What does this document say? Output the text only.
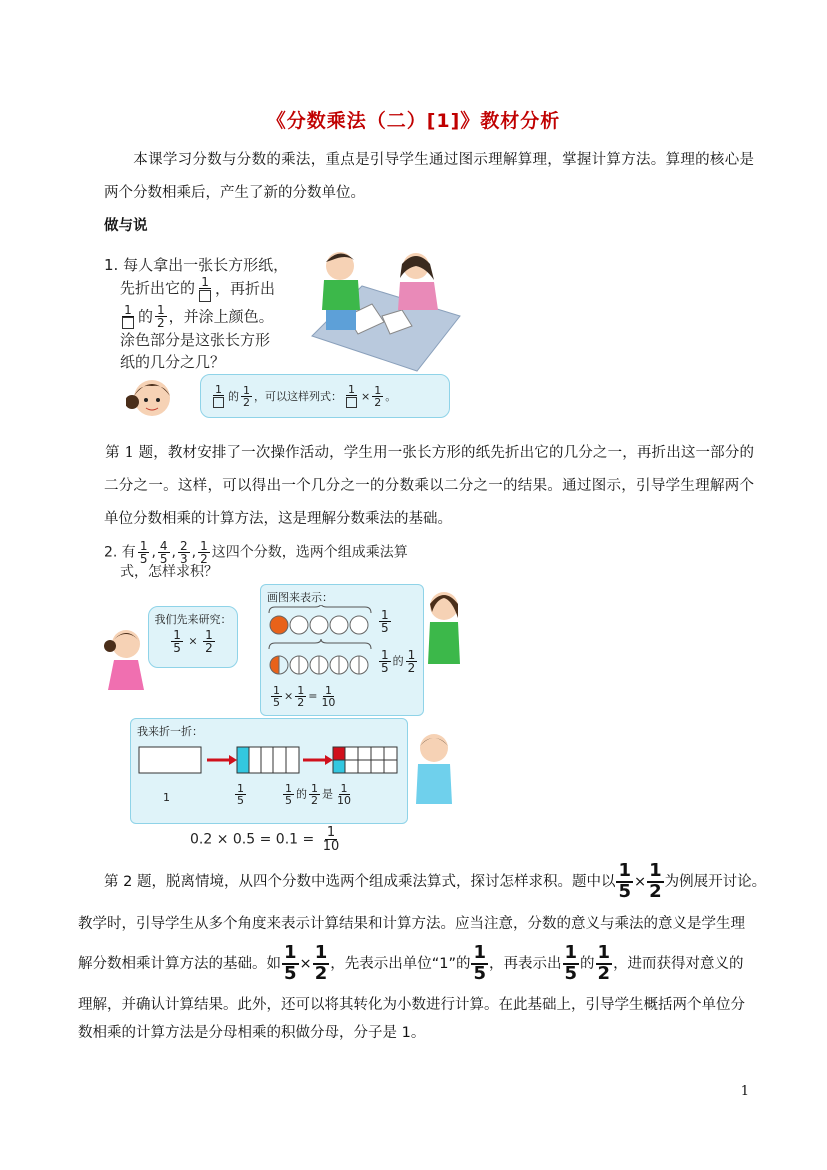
《分数乘法（二）[1]》教材分析
本课学习分数与分数的乘法，重点是引导学生通过图示理解算理，掌握计算方法。算理的核心是两个分数相乘后，产生了新的分数单位。
做与说
1. 每人拿出一张长方形纸，
先折出它的 1 ，再折出
1 的 $\frac{1}{2}$ ，并涂上颜色。
涂色部分是这张长方形
纸的几分之几？
1
的 $\frac{1}{2}$ ，可以这样列式：
$1 \times \frac{1}{2}$ 。
第 1 题，教材安排了一次操作活动，学生用一张长方形的纸先折出它的几分之一，再折出这一部分的二分之一。这样，可以得出一个几分之一的分数乘以二分之一的结果。通过图示，引导学生理解两个单位分数相乘的计算方法，这是理解分数乘法的基础。
2. 有 $\frac{1}{5}$ , $\frac{4}{5}$ , $\frac{2}{3}$ , $\frac{1}{2}$ 这四个分数，选两个组成乘法算
式，怎样求积？
我们先来研究：
$\frac{1}{5} \times \frac{1}{2}$
画图来表示：
$\frac{1}{5}$
$\frac{1}{5}$ 的 $\frac{1}{2}$
$\frac{1}{5} \times \frac{1}{2} = \frac{1}{10}$
我来折一折：
1	$\frac{1}{5}$	$\frac{1}{5}$ 的 $\frac{1}{2}$ 是 $\frac{1}{10}$
$0.2 \times 0.5 = 0.1 = \frac{1}{10}$
第 2 题，脱离情境，从四个分数中选两个组成乘法算式，探讨怎样求积。题中以 $\frac{1}{5} \times \frac{1}{2}$ 为例展开讨论。
教学时，引导学生从多个角度来表示计算结果和计算方法。应当注意，分数的意义与乘法的意义是学生理
解分数相乘计算方法的基础。如 $\frac{1}{5} \times \frac{1}{2}$ ，先表示出单位“1”的 $\frac{1}{5}$ ，再表示出 $\frac{1}{5}$ 的 $\frac{1}{2}$ ，进而获得对意义的
理解，并确认计算结果。此外，还可以将其转化为小数进行计算。在此基础上，引导学生概括两个单位分
数相乘的计算方法是分母相乘的积做分母，分子是 1。
1
